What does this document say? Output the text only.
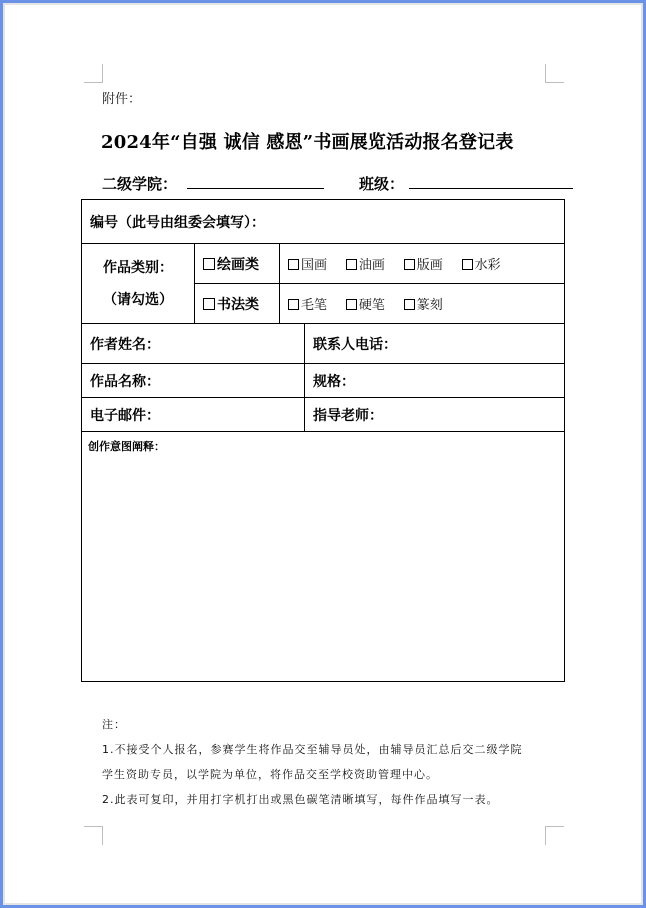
附件：
2024年“自强 诚信 感恩”书画展览活动报名登记表
二级学院：	班级：
编号（此号由组委会填写）：			

作品类别：
（请勾选）	绘画类	国画 油画 版画 水彩	
	书法类	毛笔 硬笔 篆刻	
作者姓名：			联系人电话：
作品名称：			规格：
电子邮件：			指导老师：
创作意图阐释：			
注：
1.不接受个人报名，参赛学生将作品交至辅导员处，由辅导员汇总后交二级学院
学生资助专员，以学院为单位，将作品交至学校资助管理中心。
2.此表可复印，并用打字机打出或黑色碳笔清晰填写，每件作品填写一表。
